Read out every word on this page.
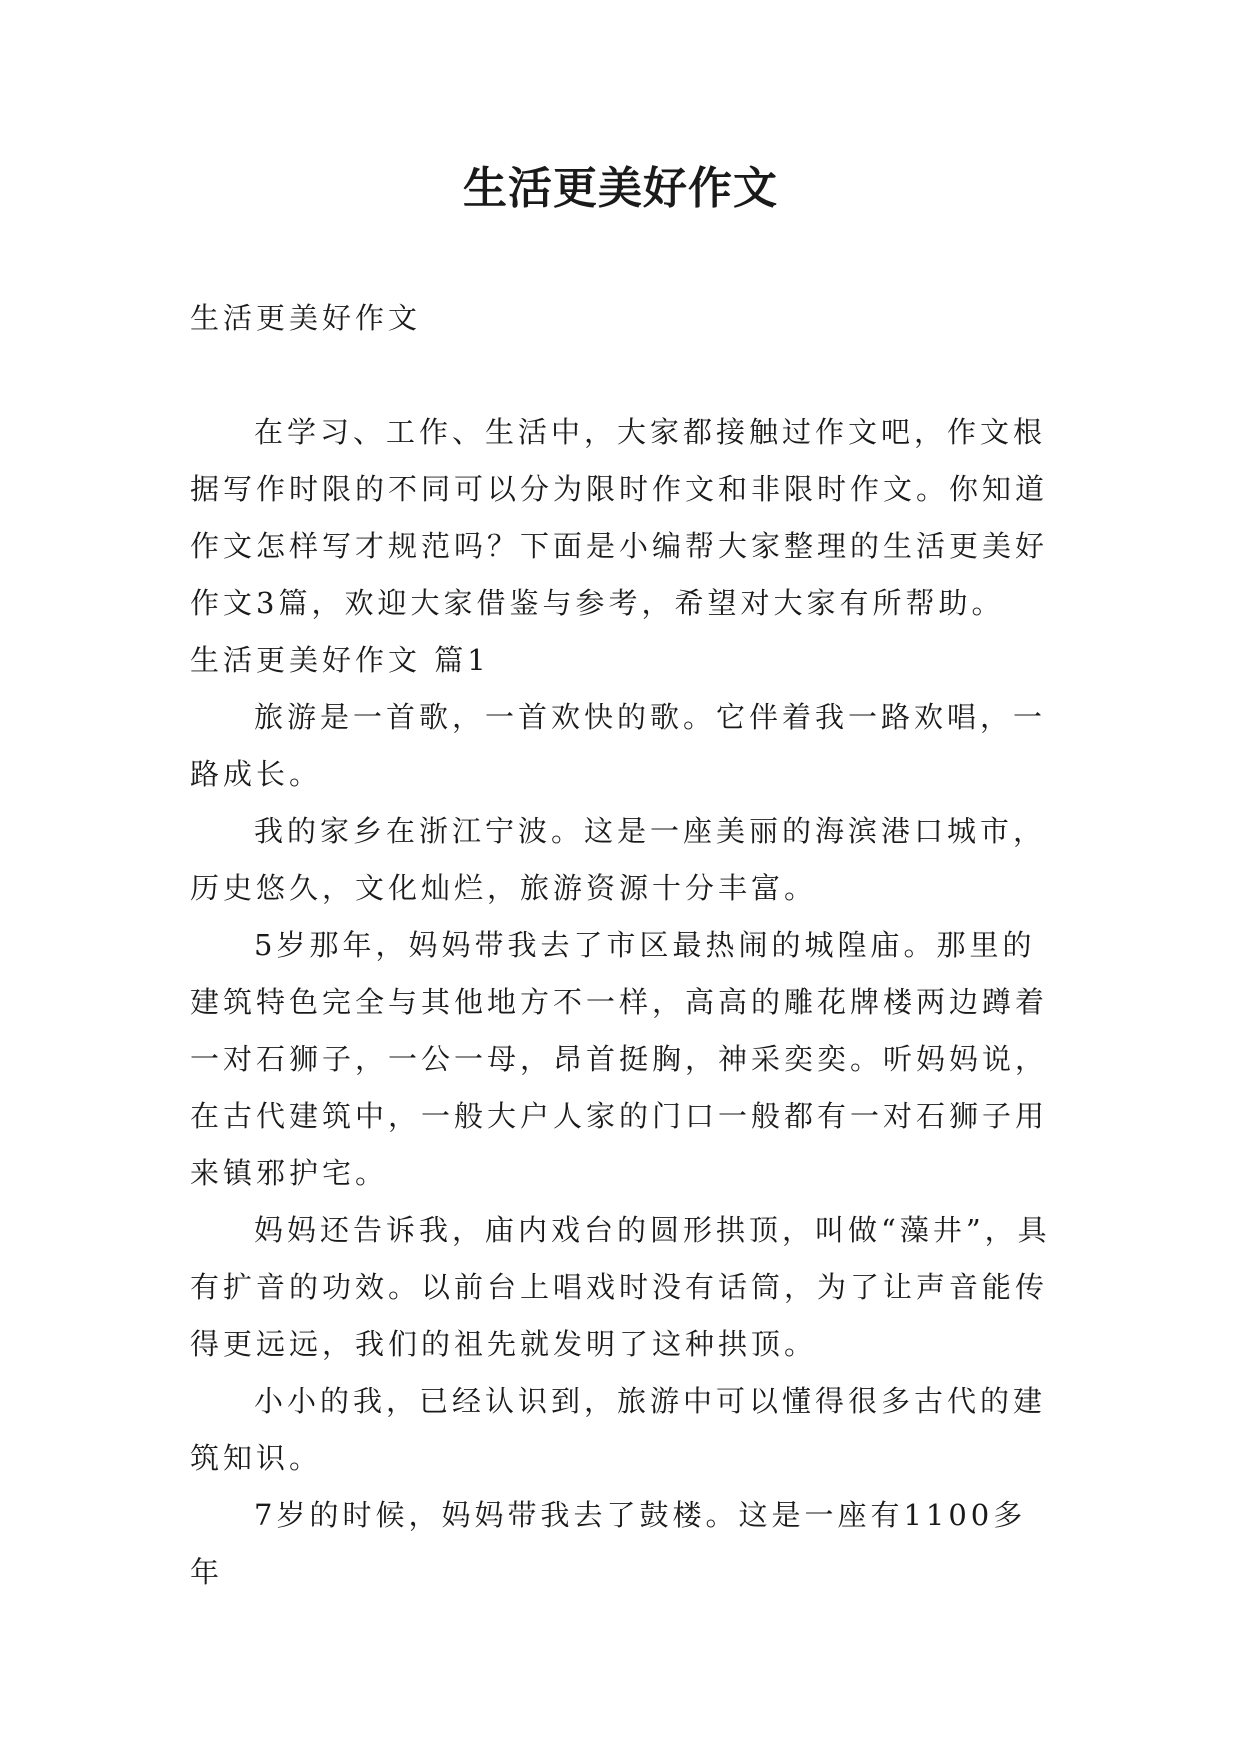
生活更美好作文

生活更美好作文

在学习、工作、生活中，大家都接触过作文吧，作文根据写作时限的不同可以分为限时作文和非限时作文。你知道作文怎样写才规范吗？下面是小编帮大家整理的生活更美好作文3篇，欢迎大家借鉴与参考，希望对大家有所帮助。

生活更美好作文 篇1

旅游是一首歌，一首欢快的歌。它伴着我一路欢唱，一路成长。

我的家乡在浙江宁波。这是一座美丽的海滨港口城市，历史悠久，文化灿烂，旅游资源十分丰富。

5岁那年，妈妈带我去了市区最热闹的城隍庙。那里的建筑特色完全与其他地方不一样，高高的雕花牌楼两边蹲着一对石狮子，一公一母，昂首挺胸，神采奕奕。听妈妈说，在古代建筑中，一般大户人家的门口一般都有一对石狮子用来镇邪护宅。

妈妈还告诉我，庙内戏台的圆形拱顶，叫做“藻井”，具有扩音的功效。以前台上唱戏时没有话筒，为了让声音能传得更远远，我们的祖先就发明了这种拱顶。

小小的我，已经认识到，旅游中可以懂得很多古代的建筑知识。

7岁的时候，妈妈带我去了鼓楼。这是一座有1100多年
